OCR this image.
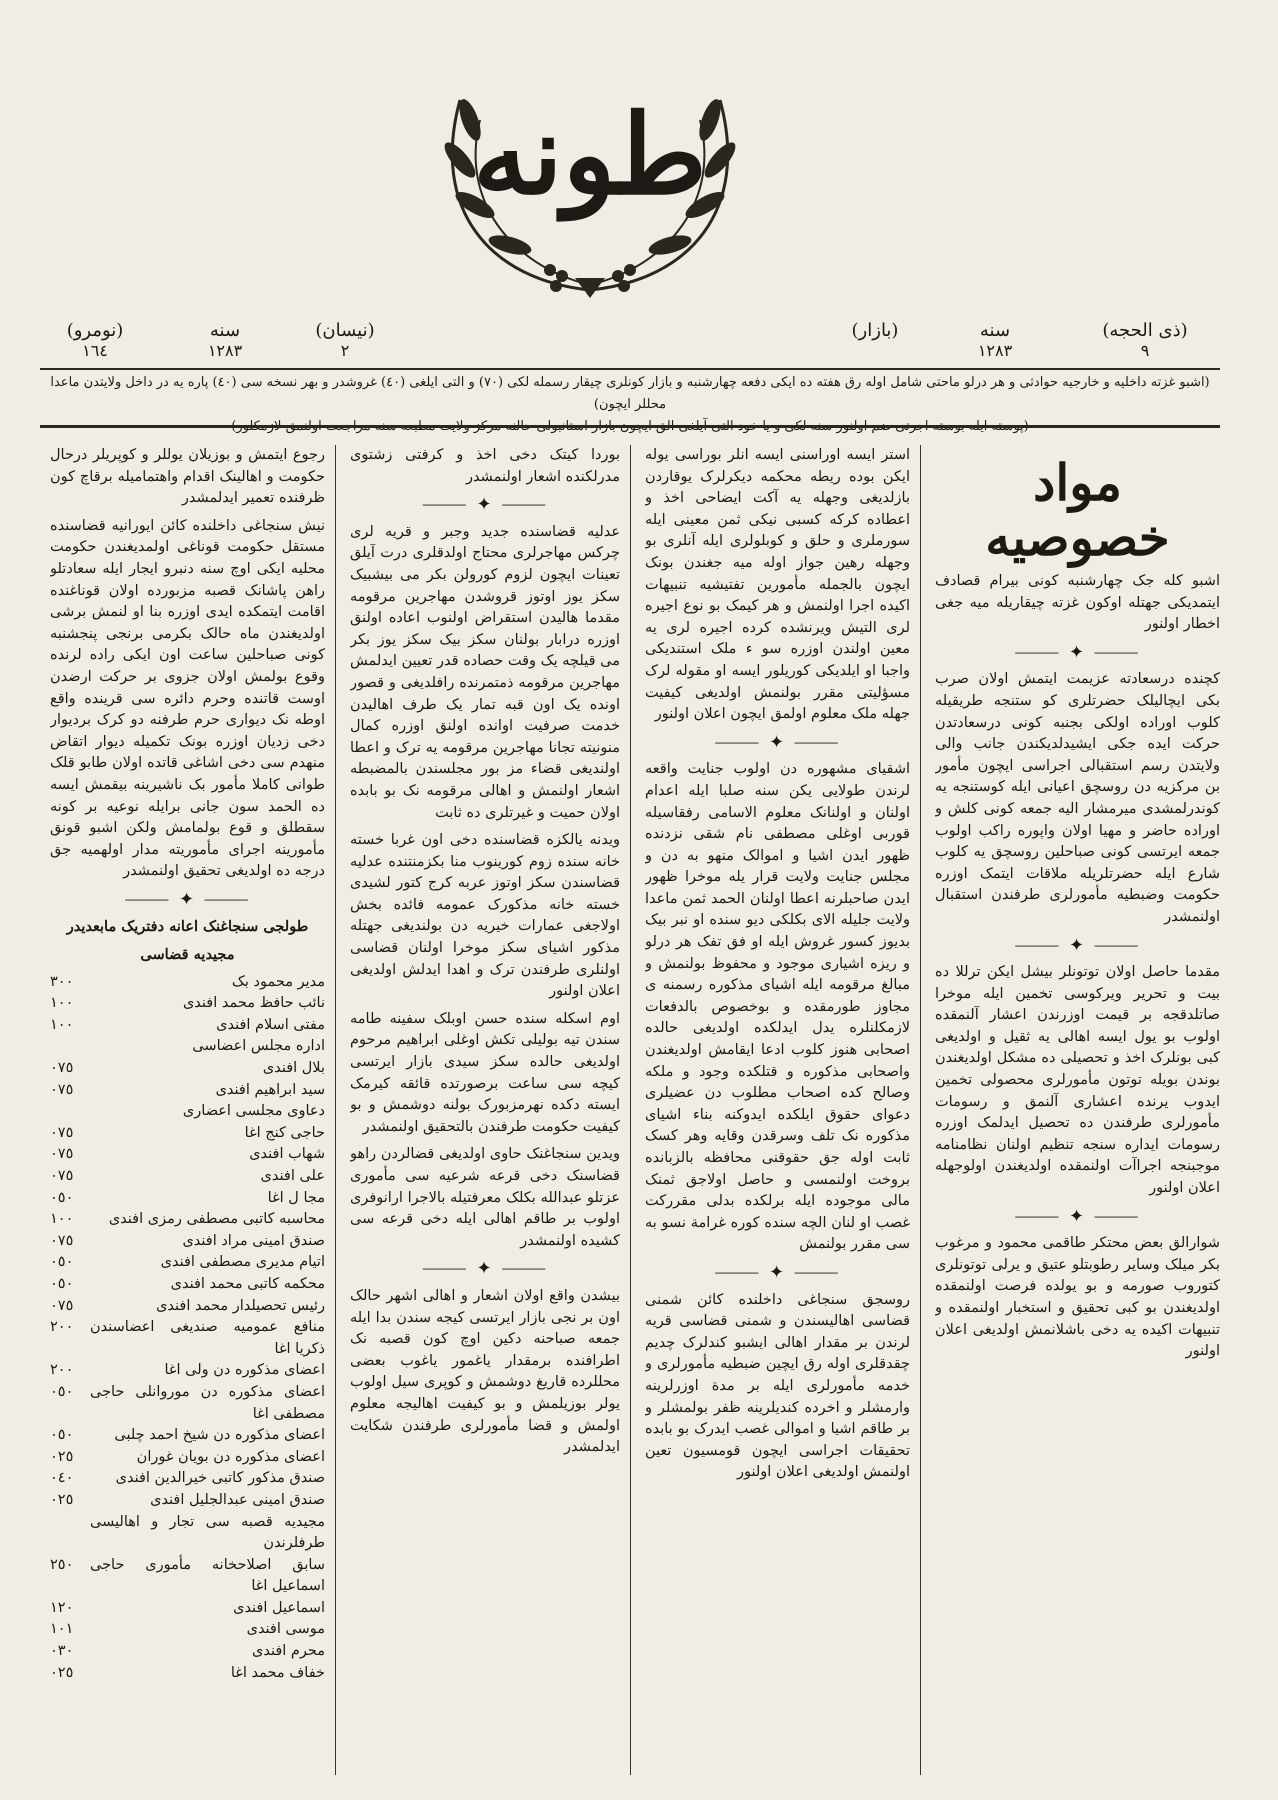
طونه
(ذی الحجه)
٩
سنه
١٢٨٣
(بازار)
(نیسان)
٢
سنه
١٢٨٣
(نومرو)
١٦٤
(اشبو غزته داخلیه و خارجیه حوادثی و هر درلو ماحتی شامل اوله رق هفته ده ایکی دفعه چهارشنبه و بازار کونلری چیقار رسمله لکی (٧٠) و التی ایلغی (٤٠) غروشدر و بهر نسخه سی (٤٠) پاره یه در داخل ولایتدن ماعدا محللر ایچون)
(پوسته ایله بوسته اجرتی ضم اولنور سنه لکی و یا خود التی آیلغی الق ایچون بازار استانبولی حالنه مرکز ولایت مطبعه سنه مراجعت اولنمق لازمکلور)
مواد خصوصیه

اشبو کله جک چهارشنبه کونی بیرام قصادف ایتمدیکی جهتله اوکون غزته چیقاریله میه جغی اخطار اولنور

⸻ ✦ ⸻

کچنده درسعادته عزیمت ایتمش اولان صرب بکی ایچالیلک حضرتلری کو ستنجه طریقیله کلوب اوراده اولکی بجنبه کونی درسعادتدن حرکت ایده جکی ایشیدلدیکندن جانب والی ولایتدن رسم استقبالی اجراسی ایچون مأمور بن مرکزیه دن روسچق اعیانی ایله کوستنجه یه کوندرلمشدی میرمشار الیه جمعه کونی کلش و اوراده حاضر و مهیا اولان واپوره راکب اولوب جمعه ایرتسی کونی صباحلین روسچق یه کلوب شارع ایله حضرتلریله ملاقات ایتمک اوزره حکومت وضبطیه مأمورلری طرفندن استقبال اولنمشدر

⸻ ✦ ⸻

مقدما حاصل اولان توتونلر بیشل ایکن ترللا ده بیت و تحریر ویرکوسی تخمین ایله موخرا صاتلدقجه بر قیمت اوزرندن اعشار آلنمقده اولوب بو یول ایسه اهالی یه ثقیل و اولدیغی کبی بونلرک اخذ و تحصیلی ده مشکل اولدیغندن بوندن بویله توتون مأمورلری محصولی تخمین ایدوب یرنده اعشاری آلنمق و رسومات مأمورلری طرفندن ده تحصیل ایدلمک اوزره رسومات ایداره سنجه تنظیم اولنان نظامنامه موجبنجه اجراآت اولنمقده اولدیغندن اولوجهله اعلان اولنور

⸻ ✦ ⸻

شوارالق بعض محتکر طاقمی محمود و مرغوب بکر میلک وسایر رطوبتلو عتیق و یرلی توتونلری کتوروب صورمه و بو یولده فرصت اولنمقده اولدیغندن بو کبی تحقیق و استخبار اولنمقده و تنبیهات اکیده یه دخی باشلانمش اولدیغی اعلان اولنور

استر ایسه اوراسنی ایسه انلر بوراسی یوله ایکن بوده ریطه محکمه دیکرلرک یوقاردن بازلدیغی وجهله یه آکت ایضاحی اخذ و اعطاده کرکه کسبی نیکی ثمن معینی ایله سورملری و حلق و کوبلولری ایله آنلری بو وجهله رهین جواز اوله میه جغندن بونک ایچون بالجمله مأمورین تفتیشیه تنبیهات اکیده اجرا اولنمش و هر کیمک بو نوع اجیره لری التیش ویرنشده کرده اجیره لری یه معین اولندن اوزره سو ء ملک استندیکی واجبا او ایلدیکی کوریلور ایسه او مقوله لرک مسؤلیتی مقرر بولنمش اولدیغی کیفیت جهله ملک معلوم اولمق ایچون اعلان اولنور

⸻ ✦ ⸻

اشقیای مشهوره دن اولوب جنایت واقعه لرندن طولایی یکن سنه صلبا ایله اعدام اولنان و اولنانک معلوم الاسامی رفقاسیله قوربی اوغلی مصطفی نام شقی نزدنده ظهور ایدن اشیا و اموالک منهو به دن و مجلس جنایت ولایت قرار یله موخرا ظهور ایدن صاحبلرنه اعطا اولنان الحمد ثمن ماعدا ولایت جلیله الای بکلکی دیو سنده او نبر بیک بدیوز کسور غروش ایله او فق تفک هر درلو و ریزه اشیاری موجود و محفوظ بولنمش و مبالغ مرقومه ایله اشیای مذکوره رسمنه ی مجاوز طورمقده و بوخصوص بالدفعات لازمکلنلره یدل ایدلکده اولدیغی حالده اصحابی هنوز کلوب ادعا ایقامش اولدیغندن واصحابی مذکوره و قتلکده وجود و ملکه وصالح کده اصحاب مطلوب دن عضیلری دعوای حقوق ایلکده ایدوکنه بناء اشیای مذکوره نک تلف وسرقدن وقایه وهر کسک ثابت اوله جق حقوقنی محافظه بالزبانده بروخت اولنمسی و حاصل اولاجق ثمنک مالی موجوده ایله برلکده بدلی مقررکت غصب او لنان الچه سنده کوره غرامة نسو به سی مقرر بولنمش

⸻ ✦ ⸻

روسجق سنجاغی داخلنده کائن شمنی قضاسی اهالیسندن و شمنی قضاسی قریه لرندن بر مقدار اهالی ایشبو کندلرک چدیم چقدقلری اوله رق ایچین ضبطیه مأمورلری و خدمه مأمورلری ایله بر مدة اوزرلرینه وارمشلر و اخرده کندیلرینه ظفر بولمشلر و بر طاقم اشیا و اموالی غصب ایدرک بو بابده تحقیقات اجراسی ایچون قومسیون تعین اولنمش اولدیغی اعلان اولنور

بوردا کیتک دخی اخذ و کرفتی زشتوی مدرلکنده اشعار اولنمشدر

⸻ ✦ ⸻

عدلیه قضاسنده جدید وجبر و قریه لری چرکس مهاجرلری محتاج اولدقلری درت آیلق تعینات ایچون لزوم کورولن بکر می بیشبیک سکز یوز اوتوز قروشدن مهاجرین مرقومه مقدما هالیدن استقراض اولنوب اعاده اولنق اوزره درابار بولنان سکز بیک سکز یوز بکر می قیلچه یک وقت حصاده قدر تعیین ایدلمش مهاجرین مرقومه ذمتمرنده رافلدیغی و قصور اونده یک اون قبه تمار یک طرف اهالیدن خدمت صرفیت اوانده اولنق اوزره کمال منونیته تجانا مهاجرین مرقومه یه ترک و اعطا اولندیغی قضاء مز بور مجلسندن بالمضبطه اشعار اولنمش و اهالی مرقومه نک بو بابده اولان حمیت و غیرتلری ده ثابت

ویدنه یالکزه قضاسنده دخی اون غربا خسته خانه سنده زوم کورینوب منا بکزمنتنده عدلیه قضاسندن سکز اوتوز عربه کرج کتور لشیدی خسته خانه مذکورک عمومه فائده بخش اولاجغی عمارات خیریه دن بولندیغی جهتله مذکور اشیای سکز موخرا اولنان قضاسی اولنلری طرفندن ترک و اهدا ایدلش اولدیغی اعلان اولنور

اوم اسکله سنده حسن اوبلک سفینه طامه سندن تیه بولیلی تکش اوغلی ابراهیم مرحوم اولدیغی حالده سکز سیدی بازار ایرتسی کیچه سی ساعت برصورتده قائقه کیرمک ایسته دکده نهرمزبورک بولنه دوشمش و بو کیفیت حکومت طرفندن بالتحقیق اولنمشدر

ویدین سنجاغنک حاوی اولدیغی قضالردن راهو قضاسنک دخی قرعه شرعیه سی مأموری عزتلو عبدالله بکلک معرفتیله بالاجرا ارانوفری اولوب بر طاقم اهالی ایله دخی قرعه سی کشیده اولنمشدر

⸻ ✦ ⸻

بیشدن واقع اولان اشعار و اهالی اشهر حالک اون بر نجی بازار ایرتسی کیجه سندن بدا ایله جمعه صباحنه دکین اوچ کون قصبه نک اطرافنده برمقدار یاغمور یاغوب بعضی محللرده قاریغ دوشمش و کوپری سیل اولوب یولر بوزیلمش و بو کیفیت اهالیجه معلوم اولمش و قضا مأمورلری طرفندن شکایت ایدلمشدر

رجوع ایتمش و بوزیلان یوللر و کوپریلر درحال حکومت و اهالینک اقدام واهتمامیله برقاچ کون ظرفنده تعمیر ایدلمشدر

نیش سنجاغی داخلنده کائن ایورانیه قضاسنده مستقل حکومت قوناغی اولمدیغندن حکومت محلیه ایکی اوچ سنه دنبرو ایجار ایله سعادتلو راهن پاشانک قصبه مزبورده اولان قوناغنده اقامت ایتمکده ایدی اوزره بنا او لنمش برشی اولدیغندن ماه حالک بکرمی برنجی پنجشنبه کونی صباحلین ساعت اون ایکی راده لرنده وقوع بولمش اولان جزوی بر حرکت ارضدن اوست قاتنده وحرم دائره سی قرینده واقع اوطه نک دیواری حرم طرفنه دو کرک بردیوار دخی زدیان اوزره بونک تکمیله دیوار اتقاض منهدم سی دخی اشاغی قاتده اولان طابو قلک طوانی کاملا مأمور بک ناشیرینه بیقمش ایسه ده الحمد سون جانی برایله نوعیه بر کونه سقطلق و قوع بولمامش ولکن اشبو قونق مأمورینه اجرای مأموریته مدار اولهمیه جق درجه ده اولدیغی تحقیق اولنمشدر

⸻ ✦ ⸻
طولجی سنجاغنک اعانه دفتریک مابعدیدر
مجیدیه قضاسی
مدیر محمود بک
٣٠٠
نائب حافظ محمد افندی
١٠٠
مفتی اسلام افندی
١٠٠
اداره مجلس اعضاسی
بلال افندی
٠٧٥
سید ابراهیم افندی
٠٧٥
دعاوی مجلسی اعضاری
حاجی کنج اغا
٠٧٥
شهاب افندی
٠٧٥
علی افندی
٠٧٥
مجا ل اغا
٠٥٠
محاسبه کاتبی مصطفی رمزی افندی
١٠٠
صندق امینی مراد افندی
٠٧٥
اتیام مدیری مصطفی افندی
٠٥٠
محکمه کاتبی محمد افندی
٠٥٠
رئیس تحصیلدار محمد افندی
٠٧٥
منافع عمومیه صندیغی اعضاسندن ذکریا اغا
٢٠٠
اعضای مذکوره دن ولی اغا
٢٠٠
اعضای مذکوره دن موروانلی حاجی مصطفی اغا
٠٥٠
اعضای مذکوره دن شیخ احمد چلبی
٠٥٠
اعضای مذکوره دن بویان غوران
٠٢٥
صندق مذکور کاتبی خیرالدین افندی
٠٤٠
صندق امینی عبدالجلیل افندی
٠٢٥
مجیدیه قصبه سی تجار و اهالیسی طرفلرندن
سابق اصلاحخانه مأموری حاجی اسماعیل اغا
٢٥٠
اسماعیل افندی
١٢٠
موسی افندی
١٠١
محرم افندی
٠٣٠
خفاف محمد اغا
٠٢٥
